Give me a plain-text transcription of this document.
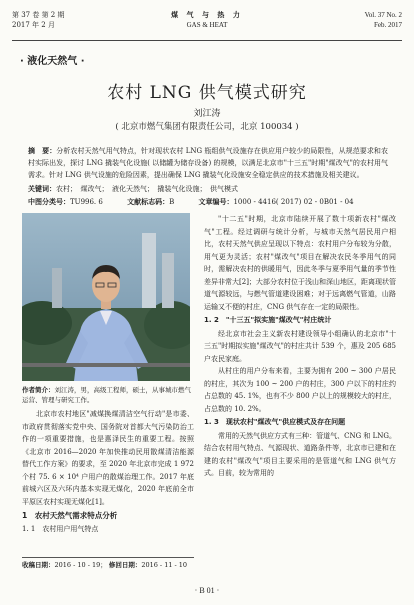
第 37 卷 第 2 期
2017 年 2 月
煤 气 与 热 力
GAS & HEAT
Vol. 37 No. 2
Feb. 2017
· 液化天然气 ·
农村 LNG 供气模式研究
刘江涛
( 北京市燃气集团有限责任公司，北京 100034 )
摘　要：分析农村天然气用气特点，针对现状农村 LNG 瓶组供气设施存在供应用户较少的局限性，从规范要求和农村实际出发，探讨 LNG 撬装气化设施( 以储罐为储存设备) 的规模，以满足北京市"十三五"时期"煤改气"的农村用气需求。针对 LNG 供气设施的危险因素，提出确保 LNG 撬装气化设施安全稳定供应的技术措施及相关建议。
关键词：农村；　煤改气；　液化天然气；　撬装气化设施；　供气模式
中图分类号：TU996. 6	文献标志码：B	文章编号：1000 - 4416( 2017) 02 - 0B01 - 04
作者简介：刘江涛，男，高级工程师，硕士，从事城市燃气运营、管理与研究工作。

北京市农村地区"减煤换煤清洁空气行动"是市委、市政府贯彻落实党中央、国务院对首都大气污染防治工作的一项重要措施，也是惠泽民生的重要工程。按照《北京市 2016—2020 年加快推动民用散煤清洁能源替代工作方案》的要求，至 2020 年北京市完成 1 972 个村 75. 6 × 10⁴ 户用户的散煤治理工作。2017 年底前城六区及六环内基本实现无煤化，2020 年底前全市平原区农村实现无煤化[1]。

1　农村天然气需求特点分析
1. 1　农村用户用气特点

"十二五"时期，北京市陆续开展了数十项新农村"煤改气"工程。经过调研与统计分析，与城市天然气居民用户相比，农村天然气供应呈现以下特点：农村用户分布较为分散，用气更为灵活；农村"煤改气"项目在解决农民冬季用气的同时，需解决农村的供暖用气，因此冬季与夏季用气量的季节性差异非常大[2]；大部分农村位于浅山和深山地区，距离现状管道气源较远，与燃气管道建设困难；对于远离燃气管道，山路运输又不便的村庄，CNG 供气存在一定的局限性。

1. 2　"十三五"拟实施"煤改气"村庄统计

经北京市社会主义新农村建设领导小组确认的北京市"十三五"时期拟实施"煤改气"的村庄共计 539 个，惠及 205 685 户农民家庭。

从村庄的用户分布来看，主要为拥有 200 ~ 300 户居民的村庄，其次为 100 ~ 200 户的村庄，300 户以下的村庄约占总数的 45. 1%，也有不少 800 户以上的规模较大的村庄，占总数的 10. 2%。

1. 3　现状农村"煤改气"供应模式及存在问题

常用的天然气供应方式有三种：管道气、CNG 和 LNG。结合农村用气特点、气源现状、道路条件等，北京市已建和在建的农村"煤改气"项目主要采用的是管道气和 LNG 供气方式。目前，较为常用的

收稿日期：2016 - 10 - 19； 修回日期：2016 - 11 - 10
· B 01 ·
